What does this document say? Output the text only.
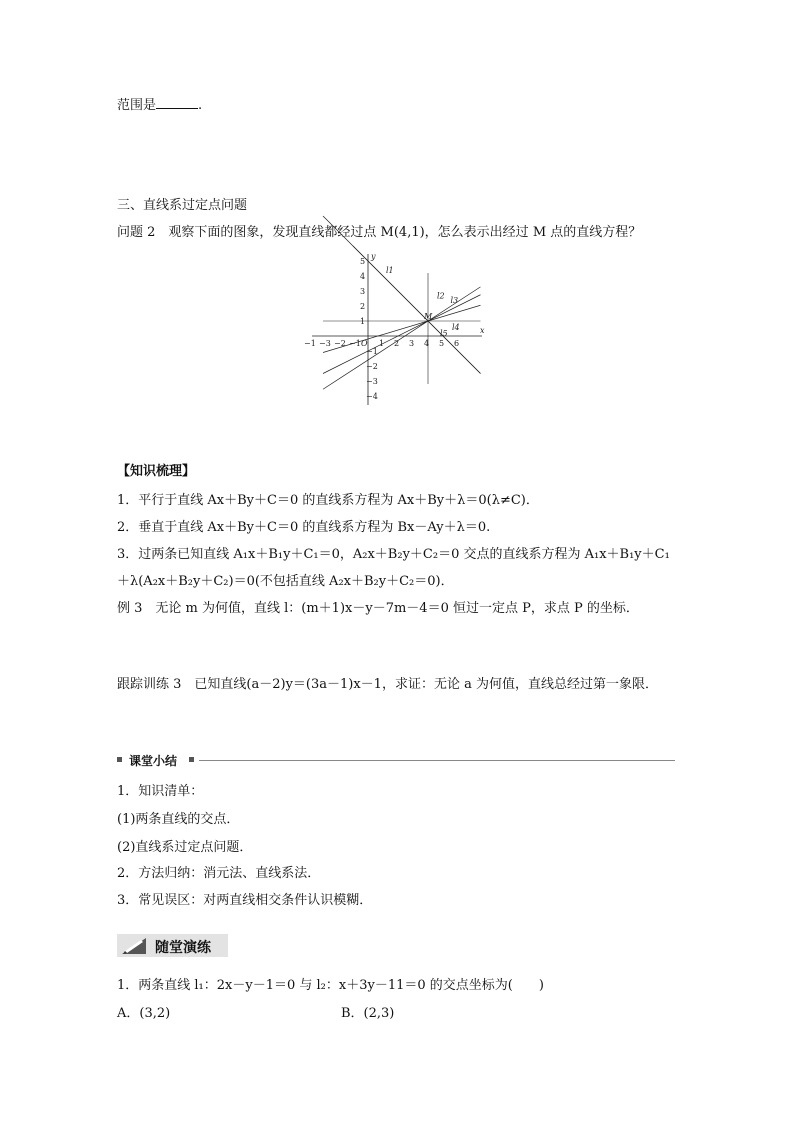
范围是	.
三、直线系过定点问题
问题 2　 观察下面的图象，发现直线都经过点 M(4,1)，怎么表示出经过 M 点的直线方程？
x
y
O
−1 −3 −2 −1 1 2 3 4 5 6
5
4
3
2
1
−1
−2
−3
−4
M
l1
l2 l3
l4
l5
【知识梳理】
1．平行于直线 Ax＋By＋C＝0 的直线系方程为 Ax＋By＋λ＝0(λ≠C)．
2．垂直于直线 Ax＋By＋C＝0 的直线系方程为 Bx－Ay＋λ＝0.
3．过两条已知直线 A₁x＋B₁y＋C₁＝0，A₂x＋B₂y＋C₂＝0 交点的直线系方程为 A₁x＋B₁y＋C₁
＋λ(A₂x＋B₂y＋C₂)＝0(不包括直线 A₂x＋B₂y＋C₂＝0)．
例 3　无论 m 为何值，直线 l：(m＋1)x－y－7m－4＝0 恒过一定点 P，求点 P 的坐标．
跟踪训练 3　已知直线(a－2)y＝(3a－1)x－1，求证：无论 a 为何值，直线总经过第一象限．
课堂小结
1．知识清单：
(1)两条直线的交点．
(2)直线系过定点问题．
2．方法归纳：消元法、直线系法．
3．常见误区：对两直线相交条件认识模糊．
随堂演练
1．两条直线 l₁：2x－y－1＝0 与 l₂：x＋3y－11＝0 的交点坐标为(　　)
A．(3,2)	B．(2,3)
